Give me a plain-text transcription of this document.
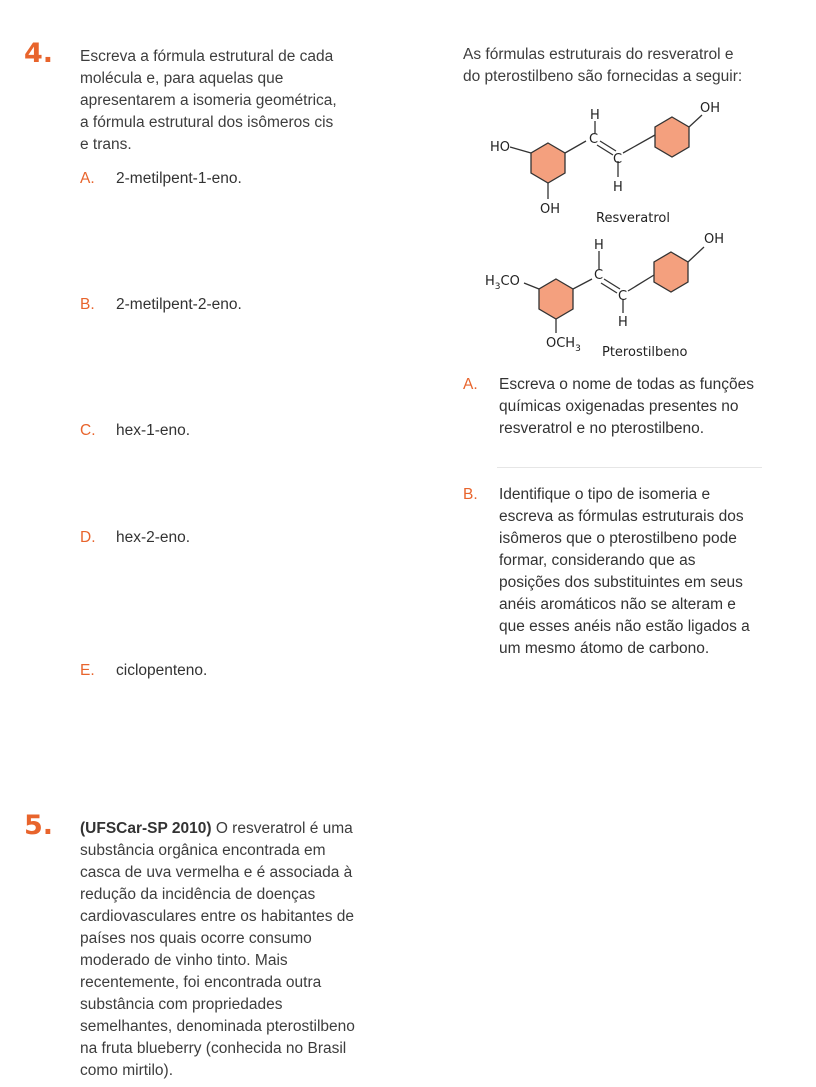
4. Escreva a fórmula estrutural de cada
molécula e, para aquelas que
apresentarem a isomeria geométrica,
a fórmula estrutural dos isômeros cis
e trans.
A. 2-metilpent-1-eno.
B. 2-metilpent-2-eno.
C. hex-1-eno.
D. hex-2-eno.
E. ciclopenteno.
5. (UFSCar-SP 2010) O resveratrol é uma
substância orgânica encontrada em
casca de uva vermelha e é associada à
redução da incidência de doenças
cardiovasculares entre os habitantes de
países nos quais ocorre consumo
moderado de vinho tinto. Mais
recentemente, foi encontrada outra
substância com propriedades
semelhantes, denominada pterostilbeno
na fruta blueberry (conhecida no Brasil
como mirtilo).
As fórmulas estruturais do resveratrol e
do pterostilbeno são fornecidas a seguir:
H
C
C
H
HO
OH
OH
Resveratrol
H
C
C
H
$H_3CO$
$OCH_3$
OH
Pterostilbeno
A. Escreva o nome de todas as funções
químicas oxigenadas presentes no
resveratrol e no pterostilbeno.
B. Identifique o tipo de isomeria e
escreva as fórmulas estruturais dos
isômeros que o pterostilbeno pode
formar, considerando que as
posições dos substituintes em seus
anéis aromáticos não se alteram e
que esses anéis não estão ligados a
um mesmo átomo de carbono.
